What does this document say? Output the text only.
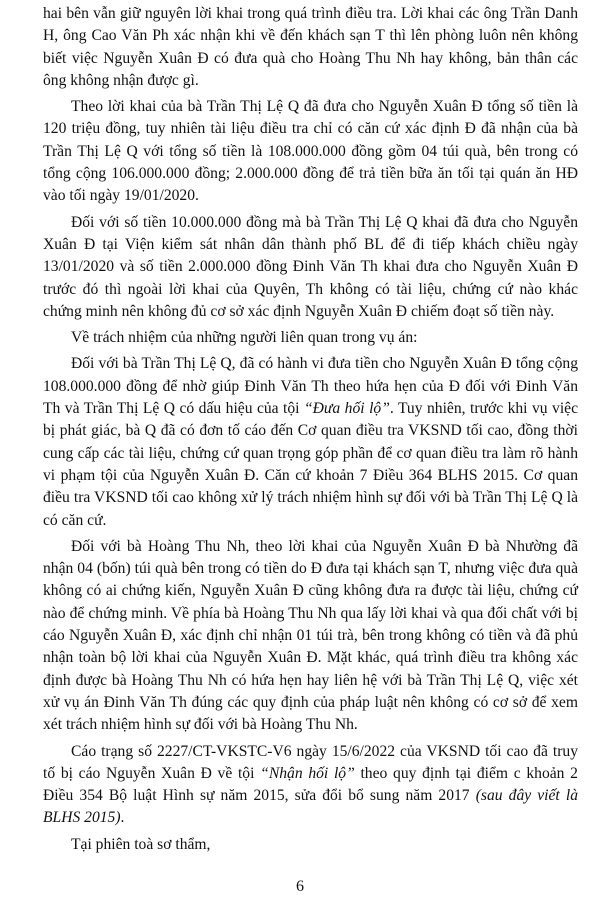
hai bên vẫn giữ nguyên lời khai trong quá trình điều tra. Lời khai các ông Trần Danh H, ông Cao Văn Ph xác nhận khi về đến khách sạn T thì lên phòng luôn nên không biết việc Nguyễn Xuân Đ có đưa quà cho Hoàng Thu Nh hay không, bản thân các ông không nhận được gì.

Theo lời khai của bà Trần Thị Lệ Q đã đưa cho Nguyễn Xuân Đ tổng số tiền là 120 triệu đồng, tuy nhiên tài liệu điều tra chỉ có căn cứ xác định Đ đã nhận của bà Trần Thị Lệ Q với tổng số tiền là 108.000.000 đồng gồm 04 túi quà, bên trong có tổng cộng 106.000.000 đồng; 2.000.000 đồng để trả tiền bữa ăn tối tại quán ăn HĐ vào tối ngày 19/01/2020.

Đối với số tiền 10.000.000 đồng mà bà Trần Thị Lệ Q khai đã đưa cho Nguyễn Xuân Đ tại Viện kiểm sát nhân dân thành phố BL để đi tiếp khách chiều ngày 13/01/2020 và số tiền 2.000.000 đồng Đinh Văn Th khai đưa cho Nguyễn Xuân Đ trước đó thì ngoài lời khai của Quyên, Th không có tài liệu, chứng cứ nào khác chứng minh nên không đủ cơ sở xác định Nguyễn Xuân Đ chiếm đoạt số tiền này.

Về trách nhiệm của những người liên quan trong vụ án:

Đối với bà Trần Thị Lệ Q, đã có hành vi đưa tiền cho Nguyễn Xuân Đ tổng cộng 108.000.000 đồng để nhờ giúp Đinh Văn Th theo hứa hẹn của Đ đối với Đinh Văn Th và Trần Thị Lệ Q có dấu hiệu của tội “Đưa hối lộ”. Tuy nhiên, trước khi vụ việc bị phát giác, bà Q đã có đơn tố cáo đến Cơ quan điều tra VKSND tối cao, đồng thời cung cấp các tài liệu, chứng cứ quan trọng góp phần để cơ quan điều tra làm rõ hành vi phạm tội của Nguyễn Xuân Đ. Căn cứ khoản 7 Điều 364 BLHS 2015. Cơ quan điều tra VKSND tối cao không xử lý trách nhiệm hình sự đối với bà Trần Thị Lệ Q là có căn cứ.

Đối với bà Hoàng Thu Nh, theo lời khai của Nguyễn Xuân Đ bà Nhường đã nhận 04 (bốn) túi quà bên trong có tiền do Đ đưa tại khách sạn T, nhưng việc đưa quà không có ai chứng kiến, Nguyễn Xuân Đ cũng không đưa ra được tài liệu, chứng cứ nào để chứng minh. Về phía bà Hoàng Thu Nh qua lấy lời khai và qua đối chất với bị cáo Nguyễn Xuân Đ, xác định chỉ nhận 01 túi trà, bên trong không có tiền và đã phủ nhận toàn bộ lời khai của Nguyễn Xuân Đ. Mặt khác, quá trình điều tra không xác định được bà Hoàng Thu Nh có hứa hẹn hay liên hệ với bà Trần Thị Lệ Q, việc xét xử vụ án Đinh Văn Th đúng các quy định của pháp luật nên không có cơ sở để xem xét trách nhiệm hình sự đối với bà Hoàng Thu Nh.

Cáo trạng số 2227/CT-VKSTC-V6 ngày 15/6/2022 của VKSND tối cao đã truy tố bị cáo Nguyễn Xuân Đ về tội “Nhận hối lộ” theo quy định tại điểm c khoản 2 Điều 354 Bộ luật Hình sự năm 2015, sửa đổi bổ sung năm 2017 (sau đây viết là BLHS 2015).

Tại phiên toà sơ thẩm,

6
